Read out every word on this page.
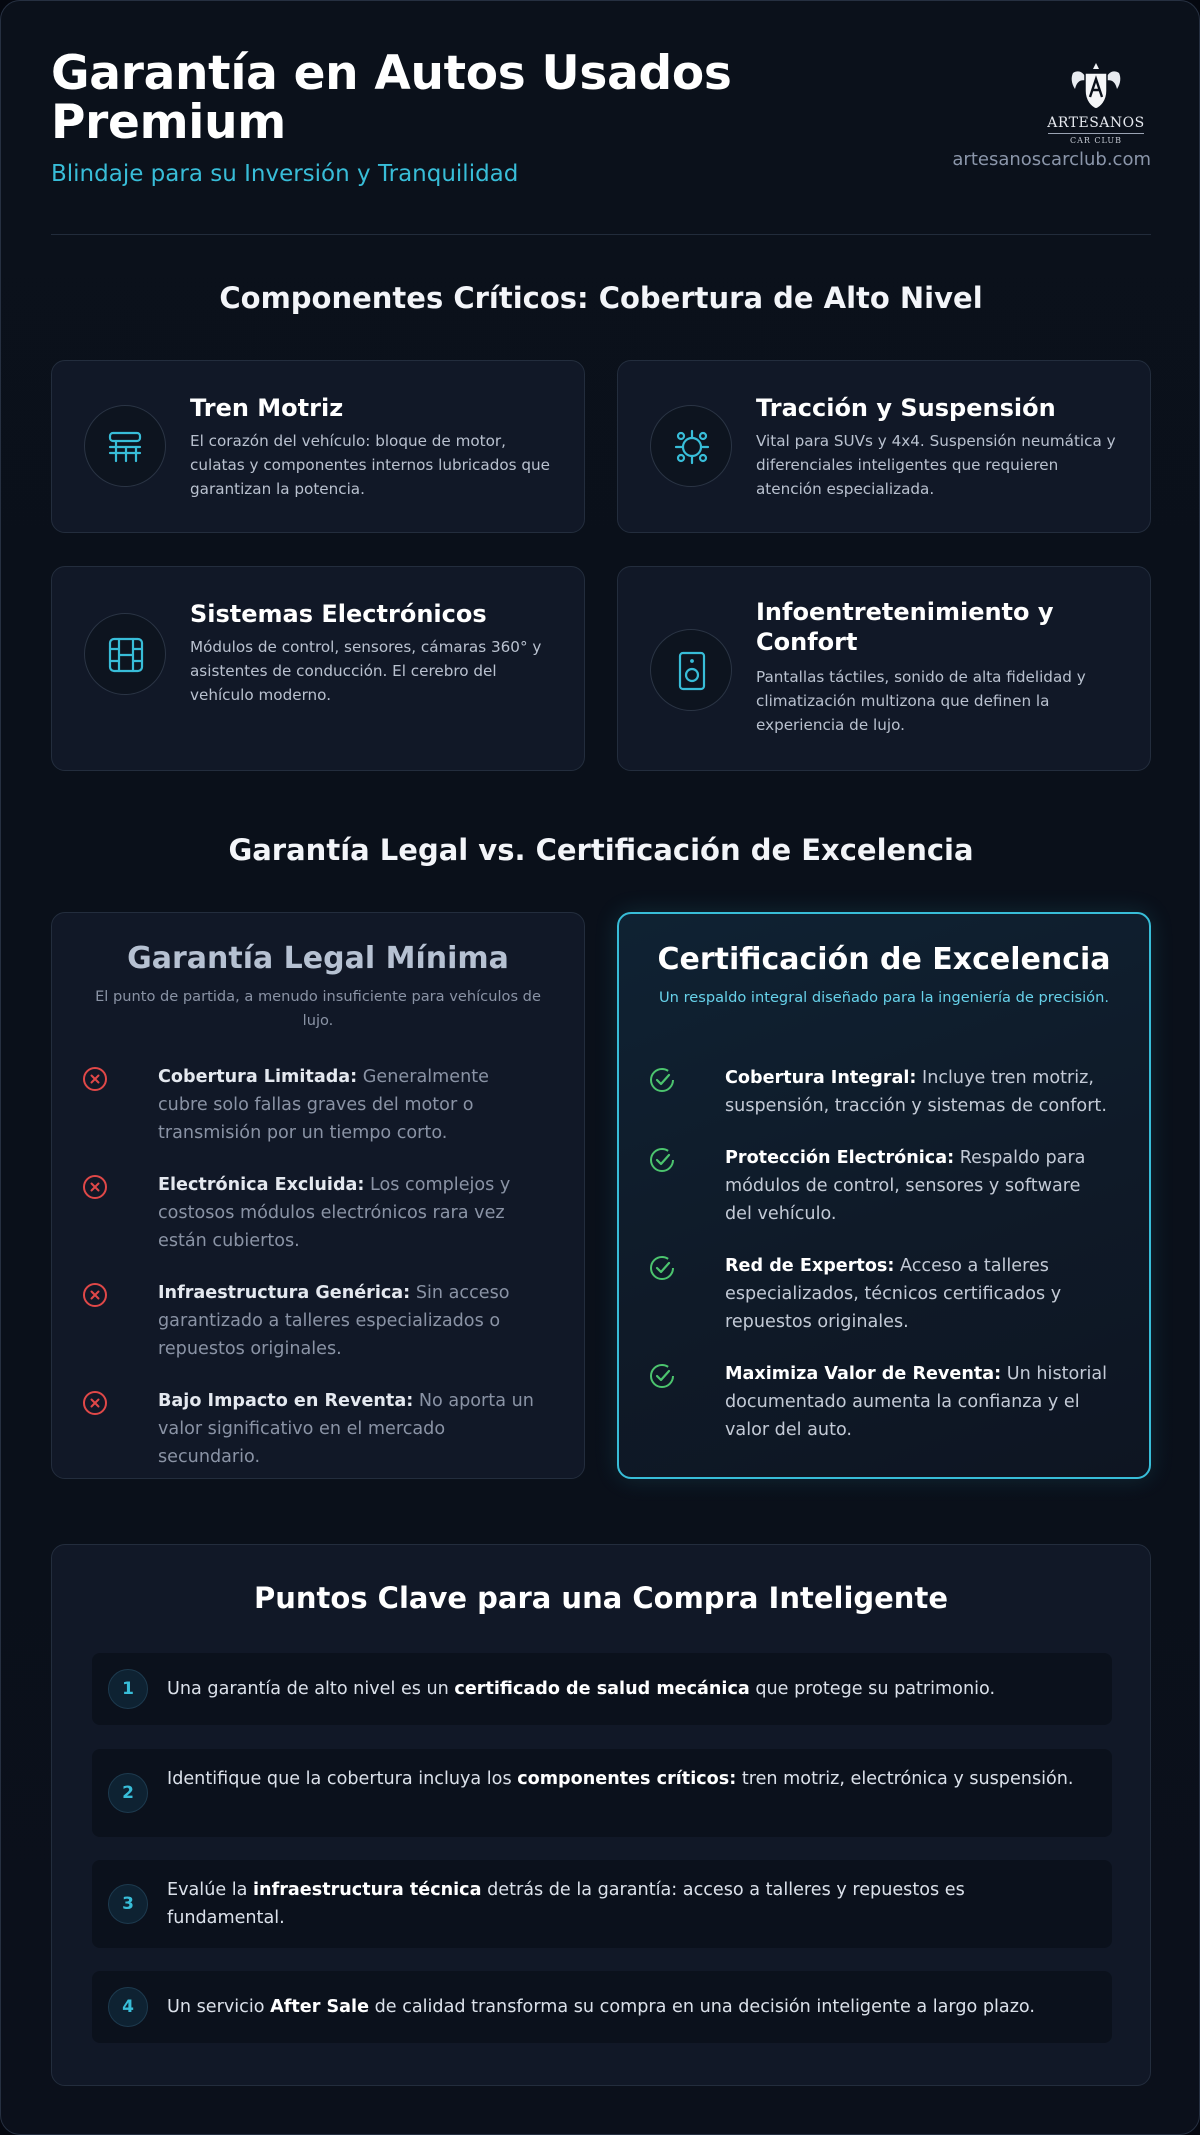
Garantía en Autos Usados Premium
Blindaje para su Inversión y Tranquilidad
ARTESANOS
CAR CLUB
artesanoscarclub.com
Componentes Críticos: Cobertura de Alto Nivel
Tren Motriz
El corazón del vehículo: bloque de motor, culatas y componentes internos lubricados que garantizan la potencia.
Tracción y Suspensión
Vital para SUVs y 4x4. Suspensión neumática y diferenciales inteligentes que requieren atención especializada.
Sistemas Electrónicos
Módulos de control, sensores, cámaras 360° y asistentes de conducción. El cerebro del vehículo moderno.
Infoentretenimiento y Confort
Pantallas táctiles, sonido de alta fidelidad y climatización multizona que definen la experiencia de lujo.
Garantía Legal vs. Certificación de Excelencia
Garantía Legal Mínima
El punto de partida, a menudo insuficiente para vehículos de lujo.
Cobertura Limitada: Generalmente cubre solo fallas graves del motor o transmisión por un tiempo corto.
Electrónica Excluida: Los complejos y costosos módulos electrónicos rara vez están cubiertos.
Infraestructura Genérica: Sin acceso garantizado a talleres especializados o repuestos originales.
Bajo Impacto en Reventa: No aporta un valor significativo en el mercado secundario.
Certificación de Excelencia
Un respaldo integral diseñado para la ingeniería de precisión.
Cobertura Integral: Incluye tren motriz, suspensión, tracción y sistemas de confort.
Protección Electrónica: Respaldo para módulos de control, sensores y software del vehículo.
Red de Expertos: Acceso a talleres especializados, técnicos certificados y repuestos originales.
Maximiza Valor de Reventa: Un historial documentado aumenta la confianza y el valor del auto.
Puntos Clave para una Compra Inteligente
1	Una garantía de alto nivel es un certificado de salud mecánica que protege su patrimonio.
2
Identifique que la cobertura incluya los componentes críticos: tren motriz, electrónica y suspensión.
3
Evalúe la infraestructura técnica detrás de la garantía: acceso a talleres y repuestos es fundamental.
4	Un servicio After Sale de calidad transforma su compra en una decisión inteligente a largo plazo.
